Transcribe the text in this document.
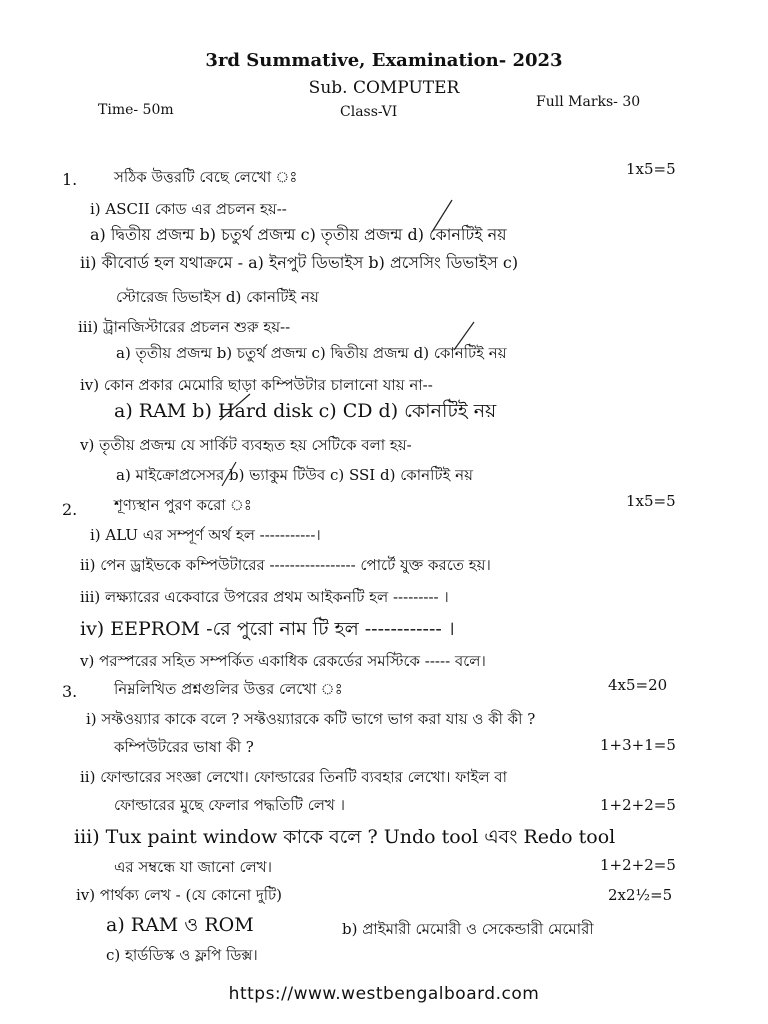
3rd Summative, Examination- 2023
Sub. COMPUTER
Time- 50m	Class-VI
Full Marks- 30
1. সঠিক উত্তরটি বেছে লেখো ঃ	1x5=5
i) ASCII কোড এর প্রচলন হয়--
a) দ্বিতীয় প্রজন্ম b) চতুর্থ প্রজন্ম c) তৃতীয় প্রজন্ম d) কোনটিই নয়
ii) কীবোর্ড হল যথাক্রমে - a) ইনপুট ডিভাইস b) প্রসেসিং ডিভাইস c)
স্টোরেজ ডিভাইস d) কোনটিই নয়
iii) ট্রানজিস্টারের প্রচলন শুরু হয়--
a) তৃতীয় প্রজন্ম b) চতুর্থ প্রজন্ম c) দ্বিতীয় প্রজন্ম d) কোনটিই নয়
iv) কোন প্রকার মেমোরি ছাড়া কম্পিউটার চালানো যায় না--
a) RAM b) Hard disk c) CD d) কোনটিই নয়
v) তৃতীয় প্রজন্ম যে সার্কিট ব্যবহৃত হয় সেটিকে বলা হয়-
a) মাইক্রোপ্রসেসর b) ভ্যাকুম টিউব c) SSI d) কোনটিই নয়
2. শূণ্যস্থান পুরণ করো ঃ	1x5=5
i) ALU এর সম্পূর্ণ অর্থ হল -----------।
ii) পেন ড্রাইভকে কম্পিউটারের ----------------- পোর্টে যুক্ত করতে হয়।
iii) লক্ষ্যারের একেবারে উপরের প্রথম আইকনটি হল --------- ।
iv) EEPROM -রে পুরো নাম টি হল ------------ ।
v) পরস্পরের সহিত সম্পর্কিত একাধিক রেকর্ডের সমস্টিকে ----- বলে।
3. নিম্নলিখিত প্রশ্নগুলির উত্তর লেখো ঃ	4x5=20
i) সফ্টওয়্যার কাকে বলে ? সফ্টওয়্যারকে কটি ভাগে ভাগ করা যায় ও কী কী ?
কম্পিউটরের ভাষা কী ?	1+3+1=5
ii) ফোল্ডারের সংজ্ঞা লেখো। ফোল্ডারের তিনটি ব্যবহার লেখো। ফাইল বা
ফোল্ডারের মুছে ফেলার পদ্ধতিটি লেখ ।	1+2+2=5
iii) Tux paint window কাকে বলে ? Undo tool এবং Redo tool
এর সম্বন্ধে যা জানো লেখ।	1+2+2=5
iv) পার্থক্য লেখ - (যে কোনো দুটি)	2x2½=5
a) RAM ও ROM	b) প্রাইমারী মেমোরী ও সেকেন্ডারী মেমোরী
c) হার্ডডিস্ক ও ফ্লপি ডিক্স।
https://www.westbengalboard.com
